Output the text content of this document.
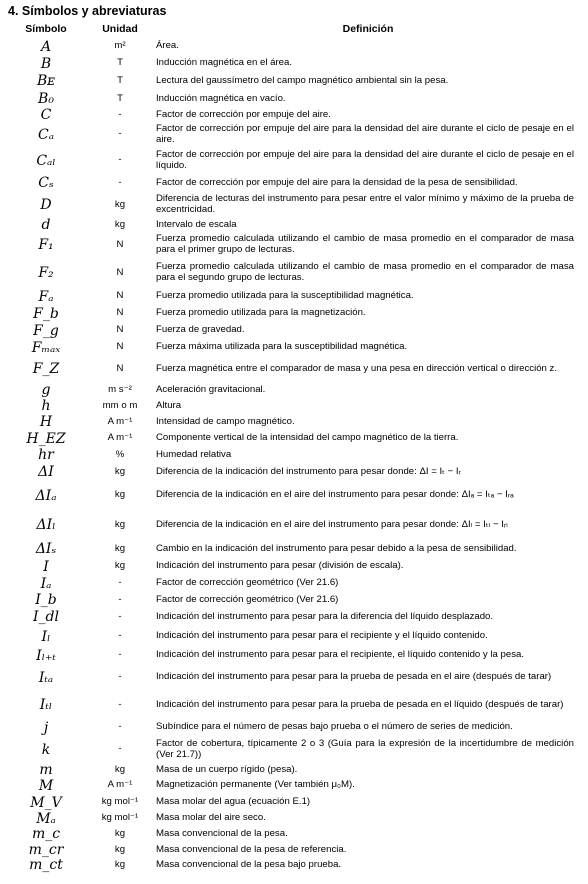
4. Símbolos y abreviaturas
Símbolo	Unidad	Definición
A	m²	Área.
B	T	Inducción magnética en el área.
Bᴇ	T	Lectura del gaussímetro del campo magnético ambiental sin la pesa.
B₀	T	Inducción magnética en vacío.
C	-	Factor de corrección por empuje del aire.
Cₐ	-	Factor de corrección por empuje del aire para la densidad del aire durante el ciclo de pesaje en el aire.
Cₐₗ	-	Factor de corrección por empuje del aire para la densidad del aire durante el ciclo de pesaje en el líquido.
Cₛ	-	Factor de corrección por empuje del aire para la densidad de la pesa de sensibilidad.
D	kg	Diferencia de lecturas del instrumento para pesar entre el valor mínimo y máximo de la prueba de excentricidad.
d	kg	Intervalo de escala
F₁	N	Fuerza promedio calculada utilizando el cambio de masa promedio en el comparador de masa para el primer grupo de lecturas.
F₂	N	Fuerza promedio calculada utilizando el cambio de masa promedio en el comparador de masa para el segundo grupo de lecturas.
Fₐ	N	Fuerza promedio utilizada para la susceptibilidad magnética.
F_b	N	Fuerza promedio utilizada para la magnetización.
F_g	N	Fuerza de gravedad.
Fₘₐₓ	N	Fuerza máxima utilizada para la susceptibilidad magnética.
F_Z	N	Fuerza magnética entre el comparador de masa y una pesa en dirección vertical o dirección z.
g	m s⁻²	Aceleración gravitacional.
h	mm o m	Altura
H	A m⁻¹	Intensidad de campo magnético.
H_EZ	A m⁻¹	Componente vertical de la intensidad del campo magnético de la tierra.
hr	%	Humedad relativa
ΔI	kg	Diferencia de la indicación del instrumento para pesar donde: ΔI = Iₜ − Iᵣ
ΔIₐ	kg	Diferencia de la indicación en el aire del instrumento para pesar donde: ΔIₐ = Iₜₐ − Iᵣₐ
ΔIₗ	kg	Diferencia de la indicación en el aire del instrumento para pesar donde: ΔIₗ = Iₜₗ − Iᵣₗ
ΔIₛ	kg	Cambio en la indicación del instrumento para pesar debido a la pesa de sensibilidad.
I	kg	Indicación del instrumento para pesar (división de escala).
Iₐ	-	Factor de corrección geométrico (Ver 21.6)
I_b	-	Factor de corrección geométrico (Ver 21.6)
I_dl	-	Indicación del instrumento para pesar para la diferencia del líquido desplazado.
Iₗ	-	Indicación del instrumento para pesar para el recipiente y el líquido contenido.
Iₗ₊ₜ	-	Indicación del instrumento para pesar para el recipiente, el líquido contenido y la pesa.
Iₜₐ	-	Indicación del instrumento para pesar para la prueba de pesada en el aire (después de tarar)
Iₜₗ	-	Indicación del instrumento para pesar para la prueba de pesada en el líquido (después de tarar)
j	-	Subíndice para el número de pesas bajo prueba o el número de series de medición.
k	-	Factor de cobertura, típicamente 2 o 3 (Guía para la expresión de la incertidumbre de medición (Ver 21.7))
m	kg	Masa de un cuerpo rígido (pesa).
M	A m⁻¹	Magnetización permanente (Ver también μ₀M).
M_V	kg mol⁻¹	Masa molar del agua (ecuación E.1)
Mₐ	kg mol⁻¹	Masa molar del aire seco.
m_c	kg	Masa convencional de la pesa.
m_cr	kg	Masa convencional de la pesa de referencia.
m_ct	kg	Masa convencional de la pesa bajo prueba.
